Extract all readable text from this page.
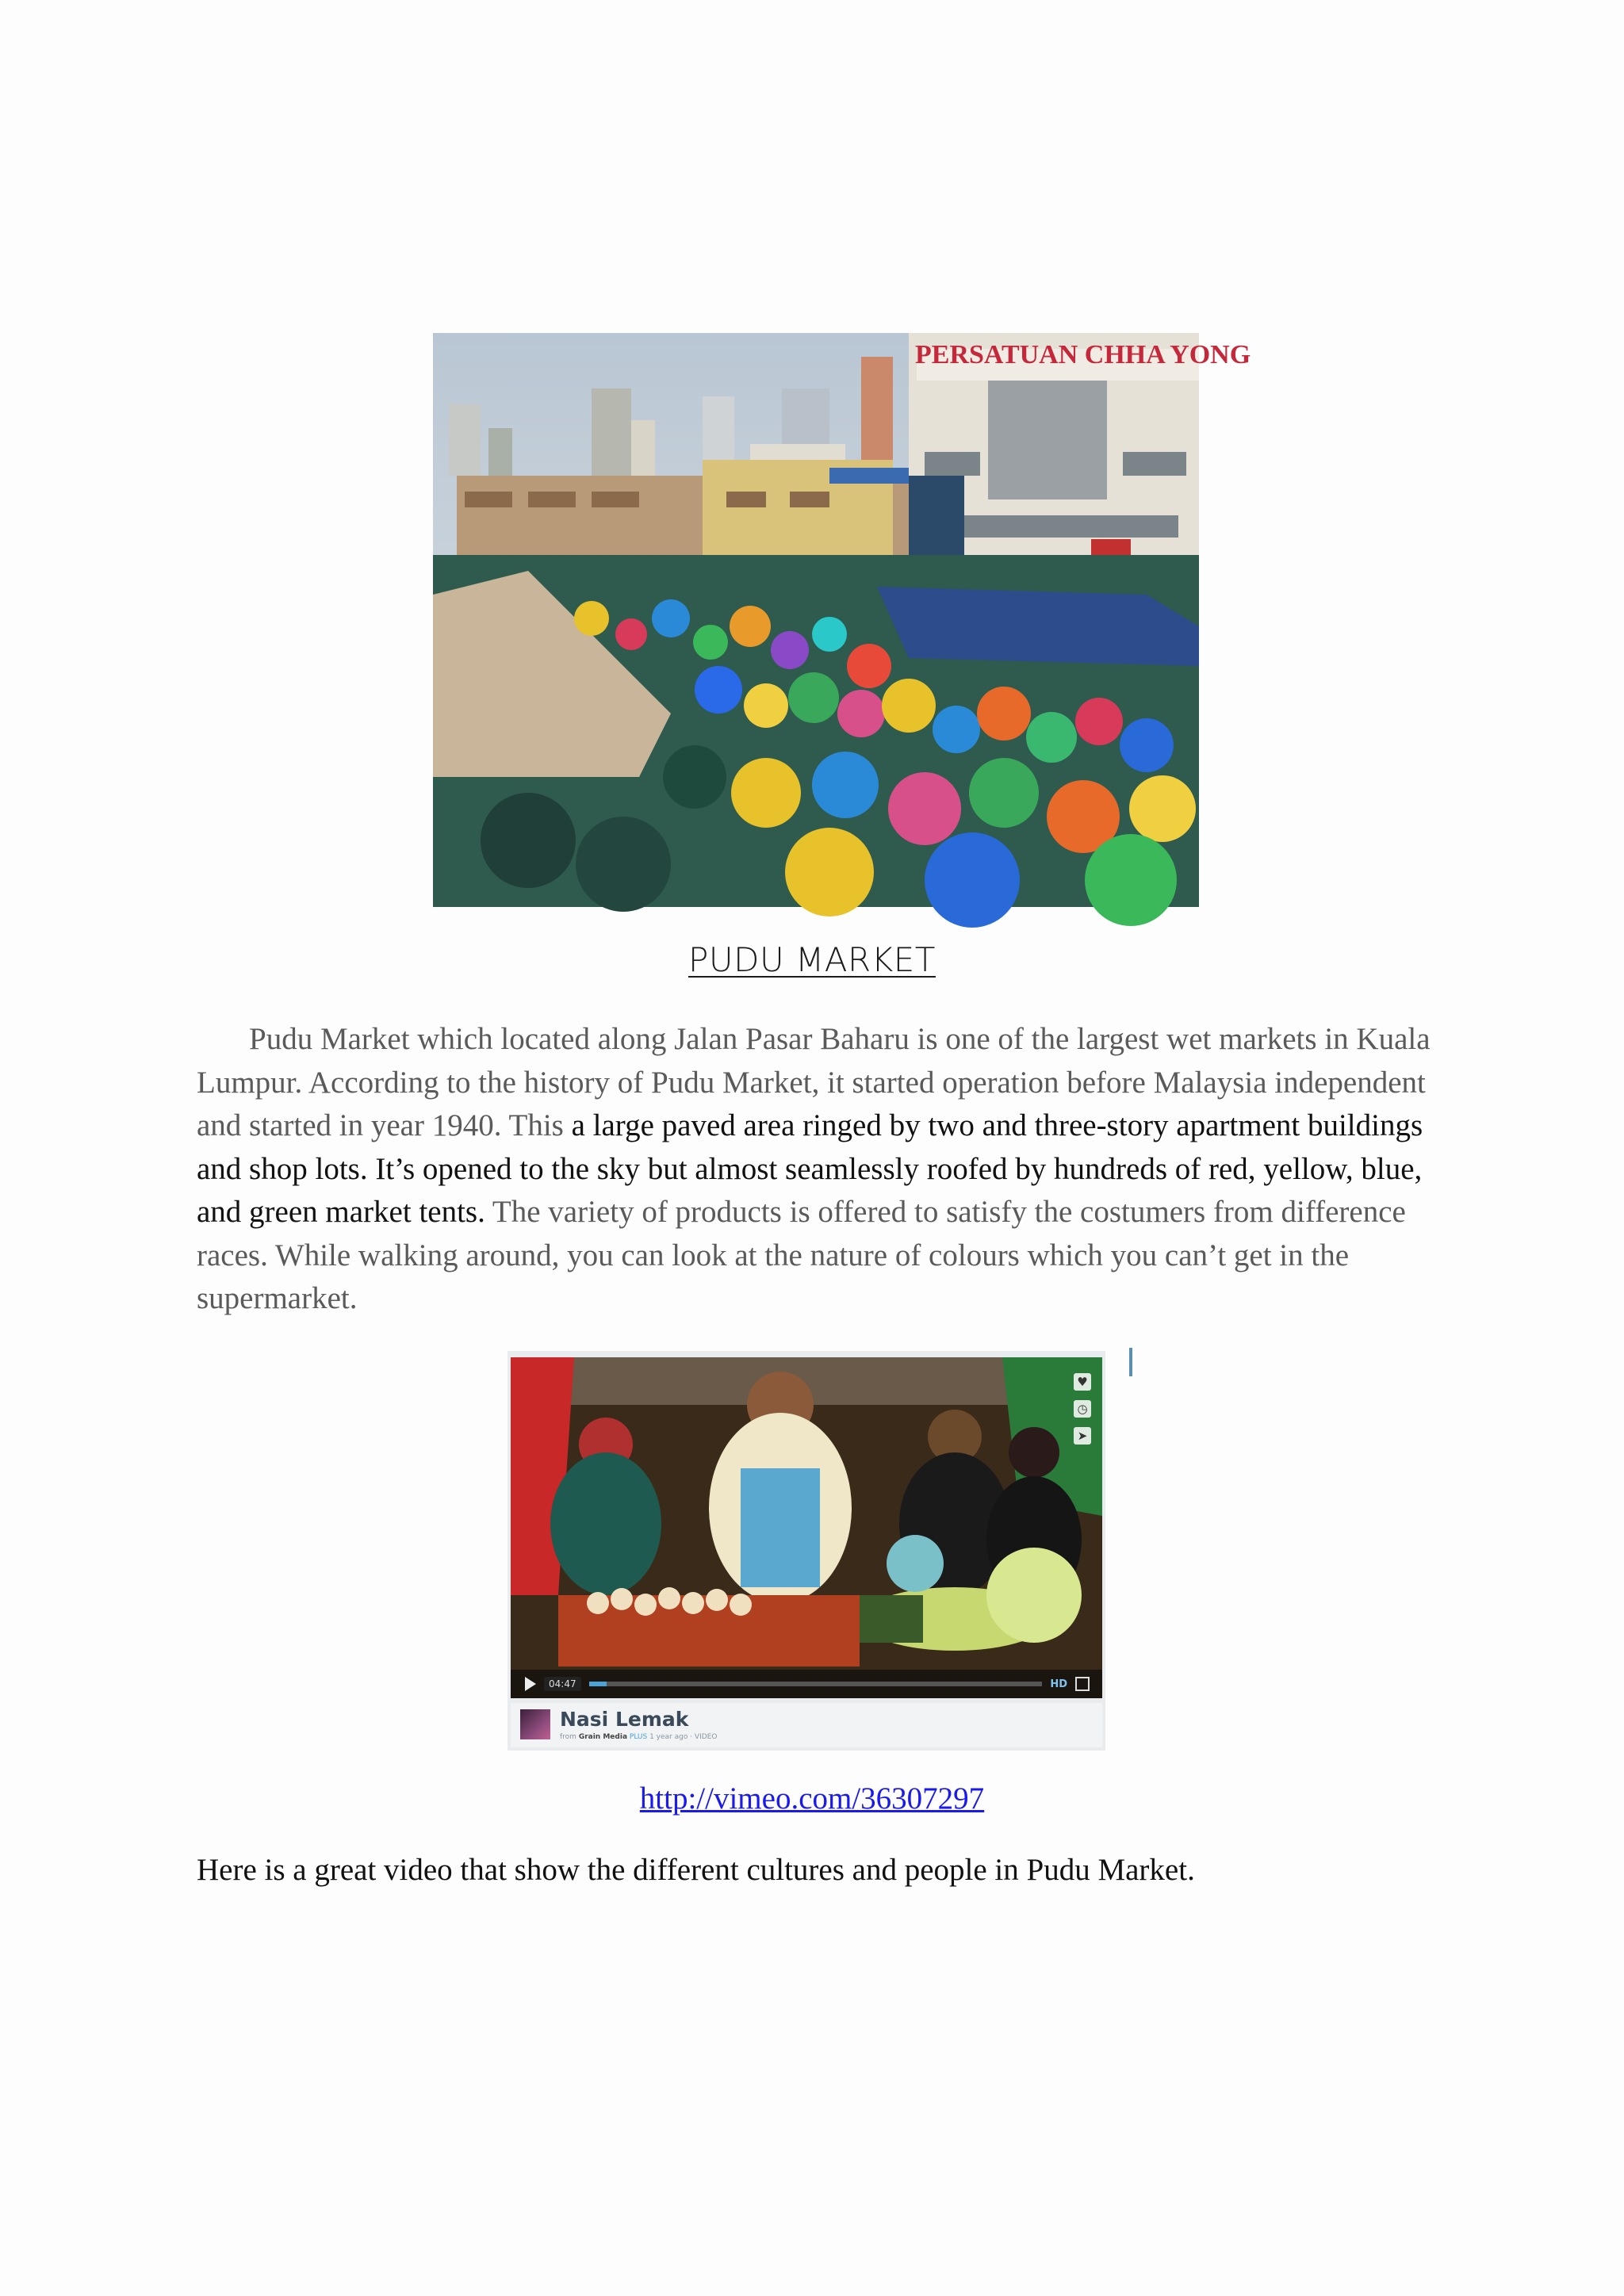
PERSATUAN CHHA YONG
PUDU MARKET

Pudu Market which located along Jalan Pasar Baharu is one of the largest wet markets in Kuala Lumpur. According to the history of Pudu Market, it started operation before Malaysia independent and started in year 1940. This a large paved area ringed by two and three-story apartment buildings and shop lots. It’s opened to the sky but almost seamlessly roofed by hundreds of red, yellow, blue, and green market tents. The variety of products is offered to satisfy the costumers from difference races. While walking around, you can look at the nature of colours which you can’t get in the supermarket.

♥
◷
➤
04:47	HD
Nasi Lemak
from Grain Media PLUS 1 year ago · VIDEO
http://vimeo.com/36307297
Here is a great video that show the different cultures and people in Pudu Market.
